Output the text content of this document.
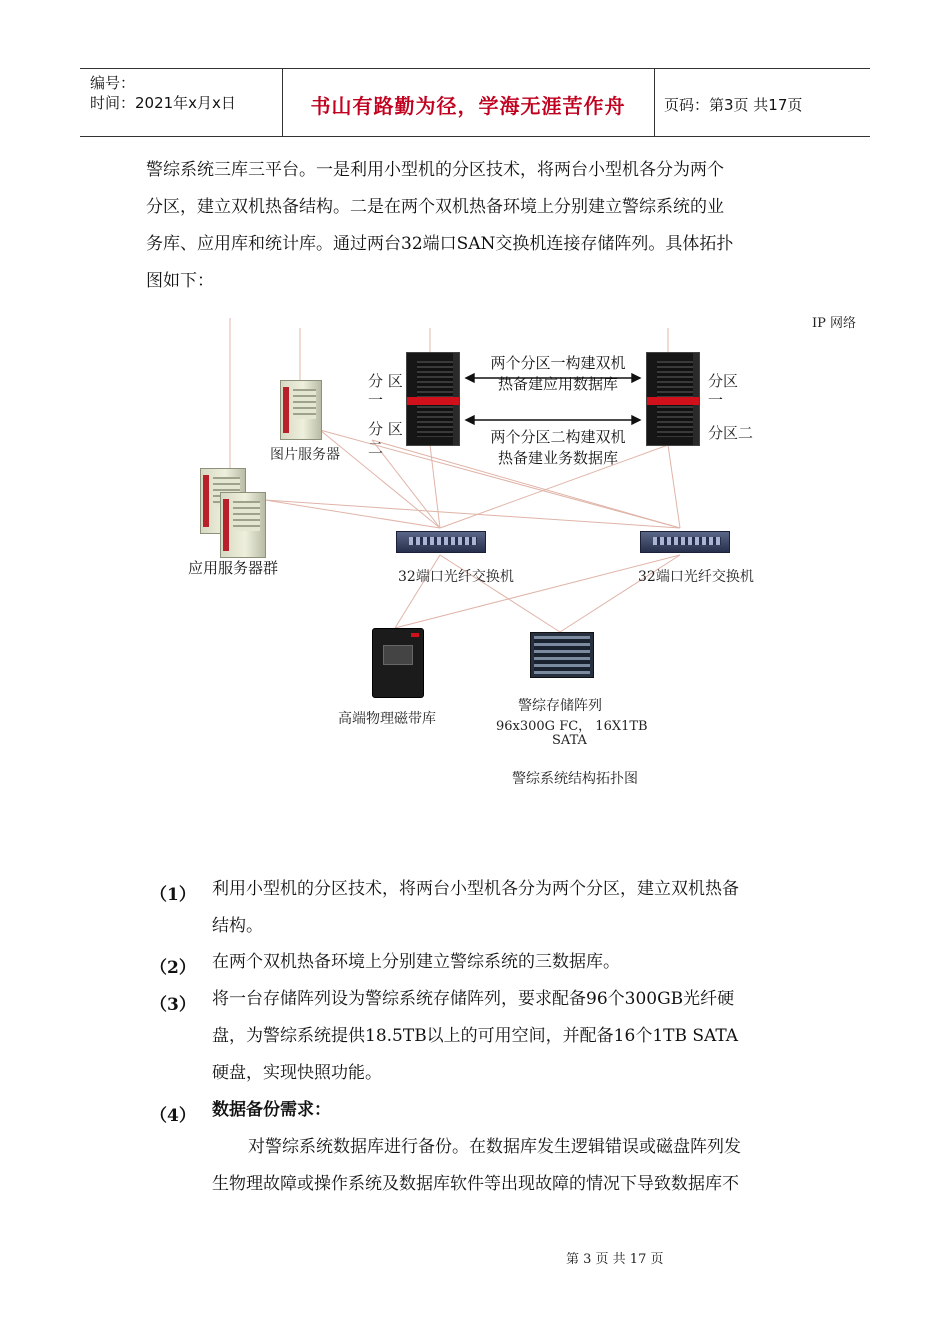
编号：
时间：2021年x月x日	书山有路勤为径，学海无涯苦作舟	页码：第3页 共17页
警综系统三库三平台。一是利用小型机的分区技术，将两台小型机各分为两个
分区，建立双机热备结构。二是在两个双机热备环境上分别建立警综系统的业
务库、应用库和统计库。通过两台32端口SAN交换机连接存储阵列。具体拓扑
图如下：
IP 网络
分 区
一
分 区
二
分区
一
分区二
两个分区一构建双机热备建应用数据库
两个分区二构建双机热备建业务数据库
图片服务器
应用服务器群	32端口光纤交换机	32端口光纤交换机
高端物理磁带库
警综存储阵列
96x300G FC， 16X1TB
SATA
警综系统结构拓扑图
（1） 利用小型机的分区技术，将两台小型机各分为两个分区，建立双机热备
结构。
（2） 在两个双机热备环境上分别建立警综系统的三数据库。
（3） 将一台存储阵列设为警综系统存储阵列，要求配备96个300GB光纤硬
盘，为警综系统提供18.5TB以上的可用空间，并配备16个1TB SATA
硬盘，实现快照功能。
（4） 数据备份需求：
对警综系统数据库进行备份。在数据库发生逻辑错误或磁盘阵列发
生物理故障或操作系统及数据库软件等出现故障的情况下导致数据库不
第 3 页 共 17 页
